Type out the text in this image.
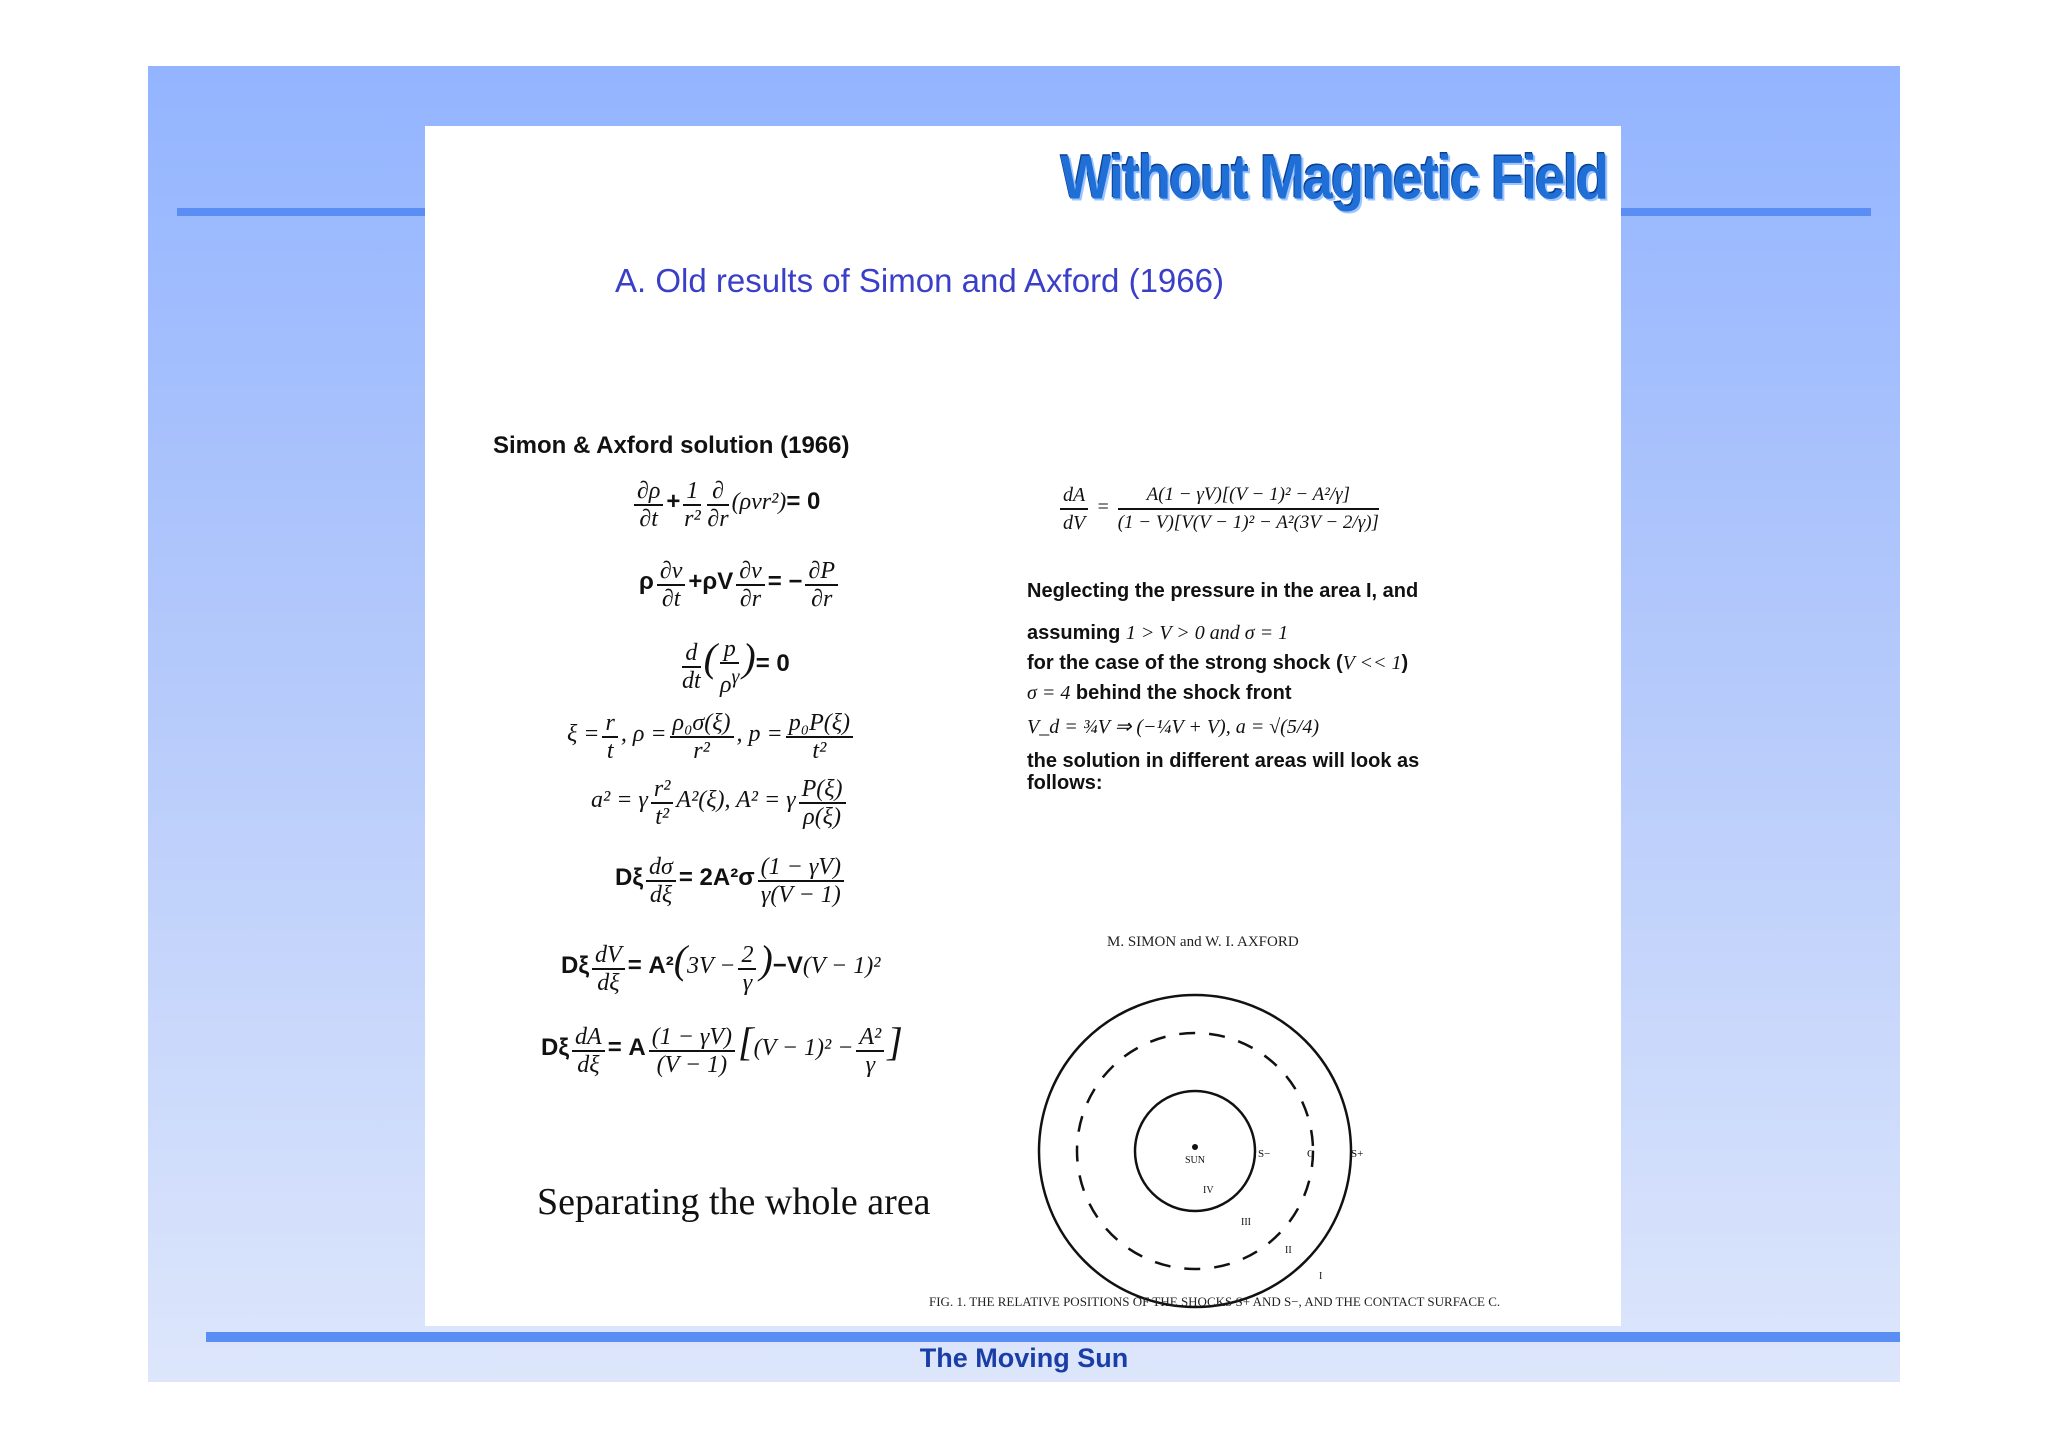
Without Magnetic Field
A. Old results of Simon and Axford (1966)
Simon & Axford solution (1966)
$\frac{\partial\rho}{\partial t} + \frac{1}{\text{r²}} \frac{\partial}{\partial r} (\rho vr^2)= 0$
ρ $\frac{\partial v}{\partial t} +\rho V \frac{\partial v}{\partial r}$ = − $\frac{\partial P}{\partial r}$
$\frac{d}{dt}$ ( $\frac{p}{\rho^\gamma}$ )= 0
$\xi = \frac{r}{t}$ , $\rho = \frac{\text{ρ₀σ(ξ)}}{\text{r²}}$ , $p = \frac{\text{p₀P(ξ)}}{\text{t²}}$
a² = γ $\frac{\text{r²}}{\text{t²}} A^2(\xi)$, A² = γ $\frac{P(\xi)}{\rho(\xi)}$
Dξ $\frac{d\sigma}{d\xi} = 2A^2\sigma \frac{(1 - \gamma V)}{\gamma(V - 1)}$
Dξ $\frac{dV}{d\xi} = A^2(3V - \frac{2}{\gamma} )-V(V - 1)^2$
Dξ $\frac{dA}{d\xi} = A \frac{(1 - \gamma V)}{(V - 1)} [(V - 1)^2 - \frac{\text{A²}}{\gamma}$ ]
Separating the whole area
$\frac{dA}{dV} = \frac{\text{A(1 − γV)[(V − 1)² − A²/γ]}}{\text{(1 − V)[V(V − 1)² − A²(3V − 2/γ)]}}$
Neglecting the pressure in the area I, and
assuming 1 > V > 0 and σ = 1
for the case of the strong shock (V << 1)
σ = 4 behind the shock front
V_d = ¾V ⇒ (−¼V + V), a = √(5/4)
the solution in different areas will look as
follows:
M. SIMON and W. I. AXFORD
SUN
S−	C	S+
IV
III
II
I
FIG. 1. THE RELATIVE POSITIONS OF THE SHOCKS S+ AND S−, AND THE CONTACT SURFACE C.
The Moving Sun
